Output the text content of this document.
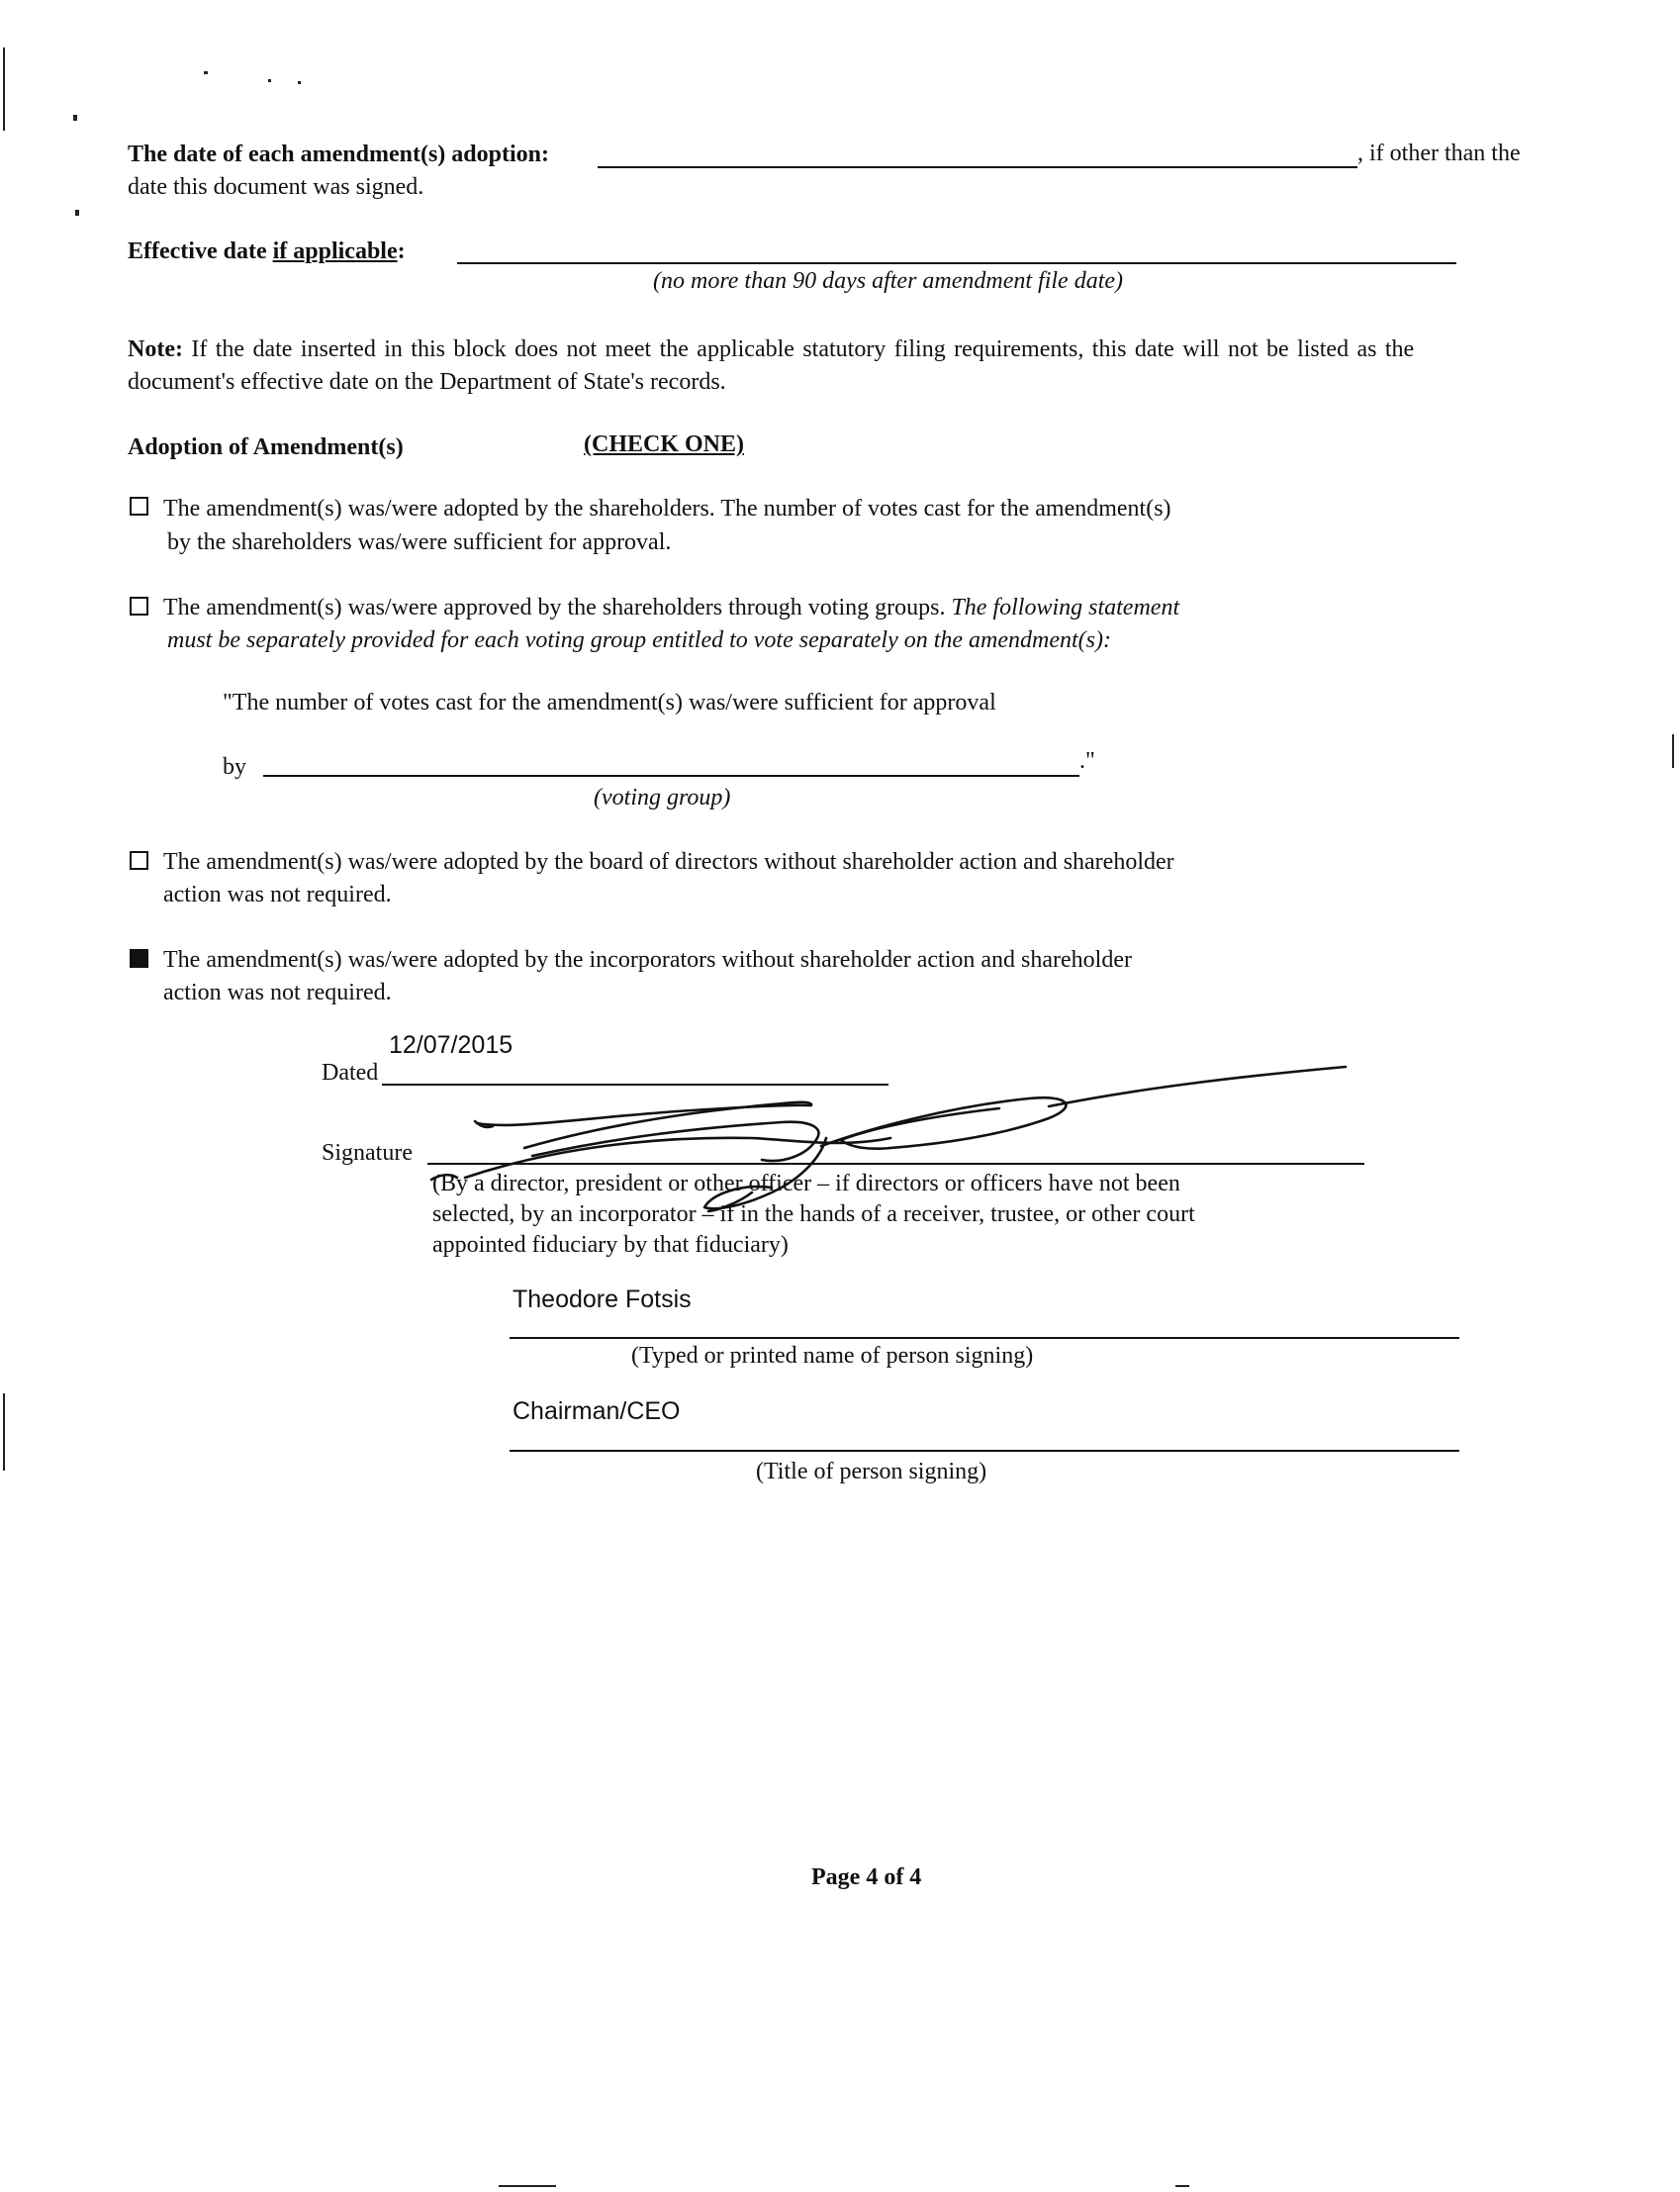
The date of each amendment(s) adoption:	, if other than the
date this document was signed.
Effective date if applicable:
(no more than 90 days after amendment file date)
Note: If the date inserted in this block does not meet the applicable statutory filing requirements, this date will not be listed as the
document's effective date on the Department of State's records.
Adoption of Amendment(s)	(CHECK ONE)
The amendment(s) was/were adopted by the shareholders. The number of votes cast for the amendment(s)
by the shareholders was/were sufficient for approval.
The amendment(s) was/were approved by the shareholders through voting groups. The following statement
must be separately provided for each voting group entitled to vote separately on the amendment(s):
"The number of votes cast for the amendment(s) was/were sufficient for approval
by	."
(voting group)
The amendment(s) was/were adopted by the board of directors without shareholder action and shareholder
action was not required.
The amendment(s) was/were adopted by the incorporators without shareholder action and shareholder
action was not required.
12/07/2015
Dated
Signature
(By a director, president or other officer – if directors or officers have not been
selected, by an incorporator – if in the hands of a receiver, trustee, or other court
appointed fiduciary by that fiduciary)
Theodore Fotsis
(Typed or printed name of person signing)
Chairman/CEO
(Title of person signing)
Page 4 of 4
